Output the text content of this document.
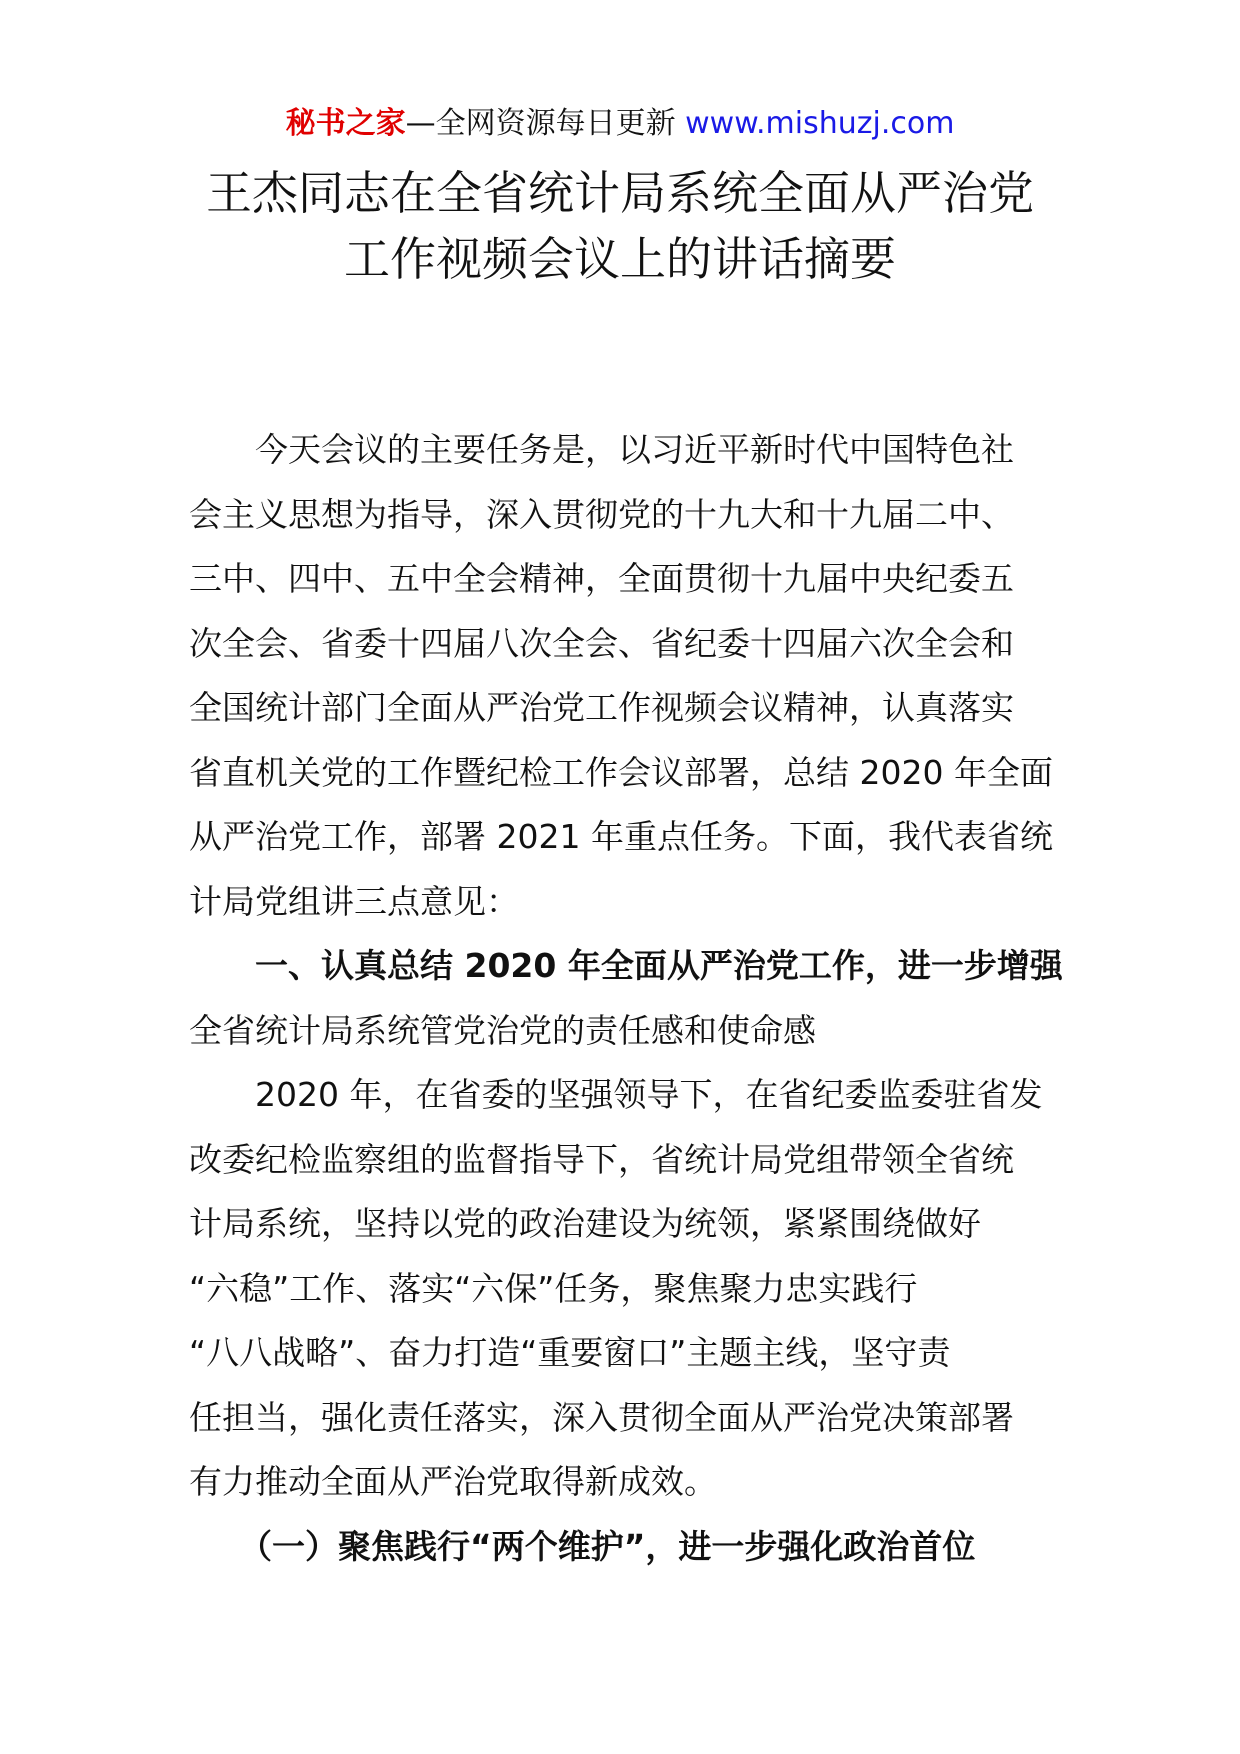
秘书之家—全网资源每日更新 www.mishuzj.com
王杰同志在全省统计局系统全面从严治党
工作视频会议上的讲话摘要
今天会议的主要任务是，以习近平新时代中国特色社
会主义思想为指导，深入贯彻党的十九大和十九届二中、
三中、四中、五中全会精神，全面贯彻十九届中央纪委五
次全会、省委十四届八次全会、省纪委十四届六次全会和
全国统计部门全面从严治党工作视频会议精神，认真落实
省直机关党的工作暨纪检工作会议部署，总结 2020 年全面
从严治党工作，部署 2021 年重点任务。下面，我代表省统
计局党组讲三点意见：
一、认真总结 2020 年全面从严治党工作，进一步增强
全省统计局系统管党治党的责任感和使命感
2020 年，在省委的坚强领导下，在省纪委监委驻省发
改委纪检监察组的监督指导下，省统计局党组带领全省统
计局系统，坚持以党的政治建设为统领，紧紧围绕做好
“六稳”工作、落实“六保”任务，聚焦聚力忠实践行
“八八战略”、奋力打造“重要窗口”主题主线，坚守责
任担当，强化责任落实，深入贯彻全面从严治党决策部署
有力推动全面从严治党取得新成效。
（一）聚焦践行“两个维护”，进一步强化政治首位
